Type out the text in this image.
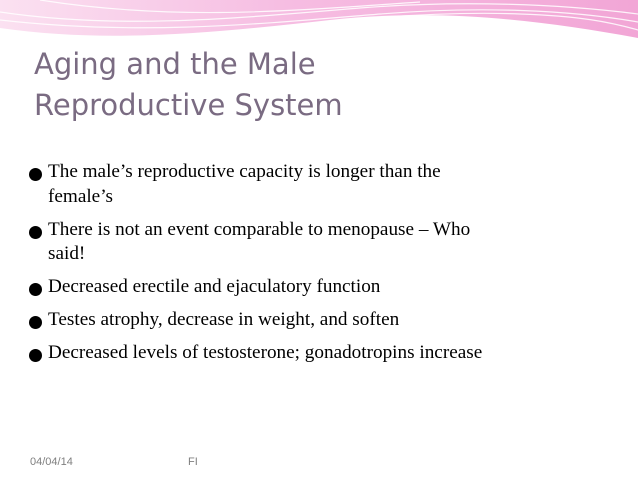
Aging and the Male
Reproductive System
The male’s reproductive capacity is longer than the
female’s
There is not an event comparable to menopause – Who
said!
Decreased erectile and ejaculatory function
Testes atrophy, decrease in weight, and soften
Decreased levels of testosterone; gonadotropins increase
04/04/14	FI
